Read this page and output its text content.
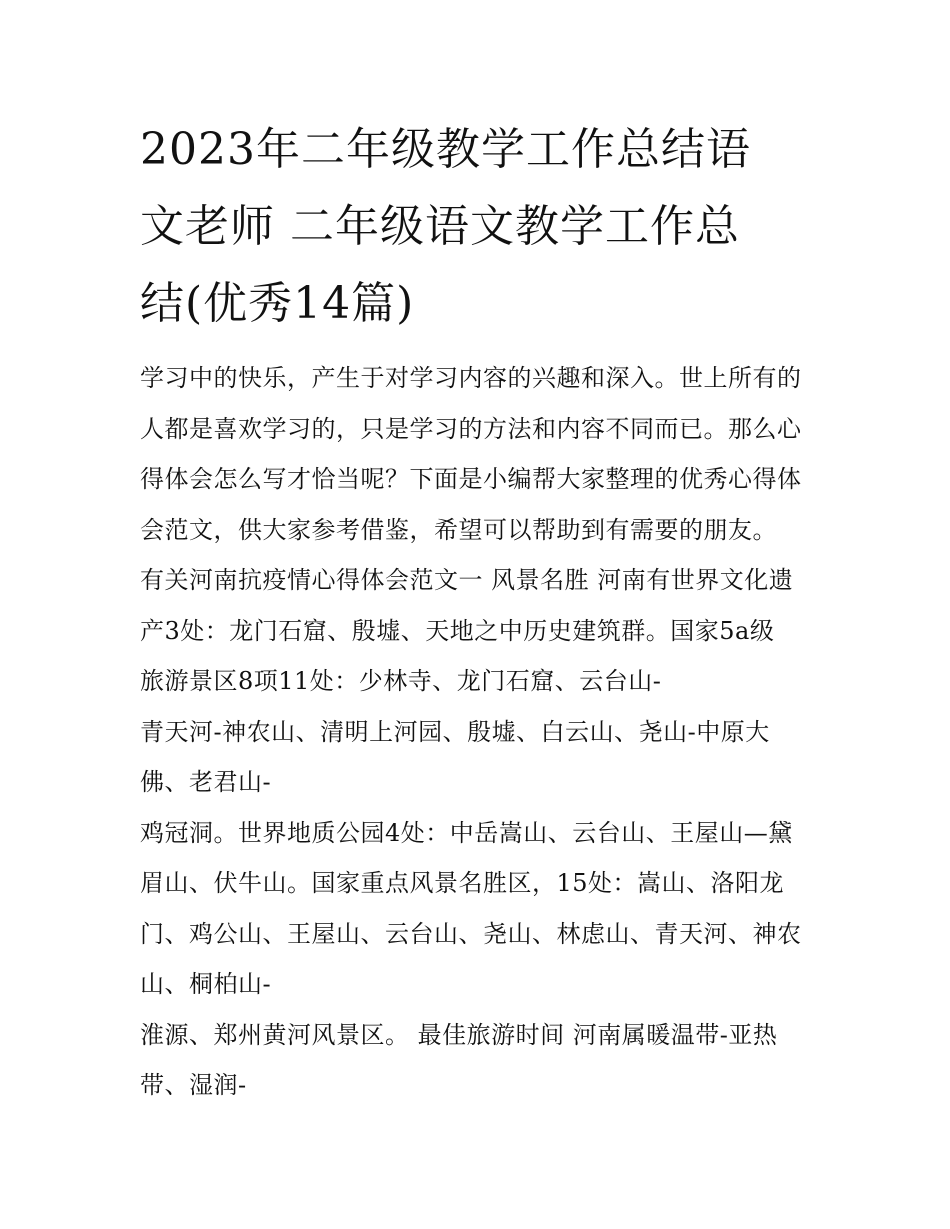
2023年二年级教学工作总结语
文老师 二年级语文教学工作总
结(优秀14篇)

学习中的快乐，产生于对学习内容的兴趣和深入。世上所有的

人都是喜欢学习的，只是学习的方法和内容不同而已。那么心

得体会怎么写才恰当呢？下面是小编帮大家整理的优秀心得体

会范文，供大家参考借鉴，希望可以帮助到有需要的朋友。

有关河南抗疫情心得体会范文一 风景名胜 河南有世界文化遗

产3处：龙门石窟、殷墟、天地之中历史建筑群。国家5a级

旅游景区8项11处：少林寺、龙门石窟、云台山-

青天河-神农山、清明上河园、殷墟、白云山、尧山-中原大

佛、老君山-

鸡冠洞。世界地质公园4处：中岳嵩山、云台山、王屋山—黛

眉山、伏牛山。国家重点风景名胜区，15处：嵩山、洛阳龙

门、鸡公山、王屋山、云台山、尧山、林虑山、青天河、神农

山、桐柏山-

淮源、郑州黄河风景区。 最佳旅游时间 河南属暖温带-亚热

带、湿润-
